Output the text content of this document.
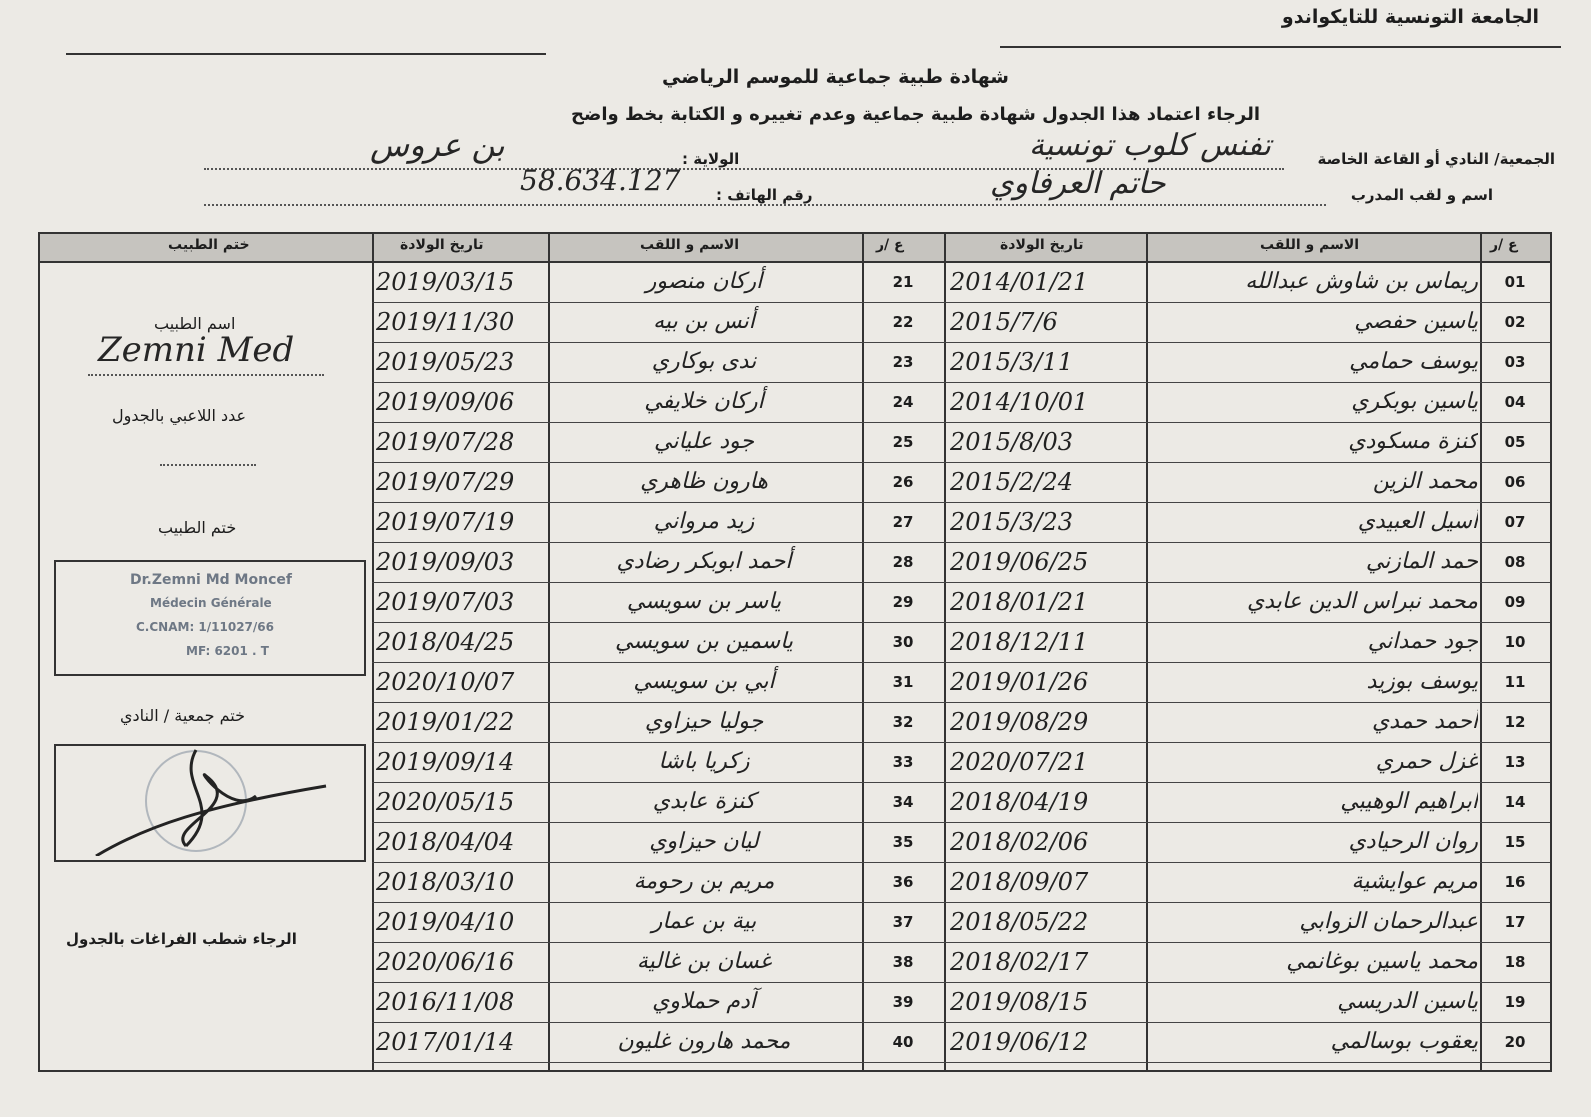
الجامعة التونسية للتايكواندو
شهادة طبية جماعية للموسم الرياضي
الرجاء اعتماد هذا الجدول شهادة طبية جماعية وعدم تغييره و الكتابة بخط واضح
الجمعية/ النادي أو القاعة الخاصة
تفنس كلوب تونسية
الولاية :
بن عروس
اسم و لقب المدرب
حاتم العرفاوي
رقم الهاتف :
58.634.127
ع /ر
الاسم و اللقب
تاريخ الولادة
ع /ر
الاسم و اللقب
تاريخ الولادة
ختم الطبيب
01
ريماس بن شاوش عبدالله
2014/01/21
02
ياسين حفصي
2015/7/6
03
يوسف حمامي
2015/3/11
04
ياسين بوبكري
2014/10/01
05
كنزة مسكودي
2015/8/03
06
محمد الزين
2015/2/24
07
أسيل العبيدي
2015/3/23
08
حمد المازني
2019/06/25
09
محمد نبراس الدين عابدي
2018/01/21
10
جود حمداني
2018/12/11
11
يوسف بوزيد
2019/01/26
12
أحمد حمدي
2019/08/29
13
غزل حمري
2020/07/21
14
ابراهيم الوهيبي
2018/04/19
15
روان الرحيادي
2018/02/06
16
مريم عوايشية
2018/09/07
17
عبدالرحمان الزوابي
2018/05/22
18
محمد ياسين بوغانمي
2018/02/17
19
ياسين الدريسي
2019/08/15
20
يعقوب بوسالمي
2019/06/12
21
أركان منصور
2019/03/15
22
أنس بن بيه
2019/11/30
23
ندى بوكاري
2019/05/23
24
أركان خلايفي
2019/09/06
25
جود علياني
2019/07/28
26
هارون ظاهري
2019/07/29
27
زيد مرواني
2019/07/19
28
أحمد ابوبكر رضادي
2019/09/03
29
ياسر بن سويسي
2019/07/03
30
ياسمين بن سويسي
2018/04/25
31
أبي بن سويسي
2020/10/07
32
جوليا حيزاوي
2019/01/22
33
زكريا باشا
2019/09/14
34
كنزة عابدي
2020/05/15
35
ليان حيزاوي
2018/04/04
36
مريم بن رحومة
2018/03/10
37
بية بن عمار
2019/04/10
38
غسان بن غالية
2020/06/16
39
آدم حملاوي
2016/11/08
40
محمد هارون غليون
2017/01/14
اسم الطبيب
Zemni Med
عدد اللاعبي بالجدول
ختم الطبيب
Dr.Zemni Md Moncef
Médecin Générale
C.CNAM: 1/11027/66
MF: 6201 . T
ختم جمعية / النادي
الرجاء شطب الفراغات بالجدول
